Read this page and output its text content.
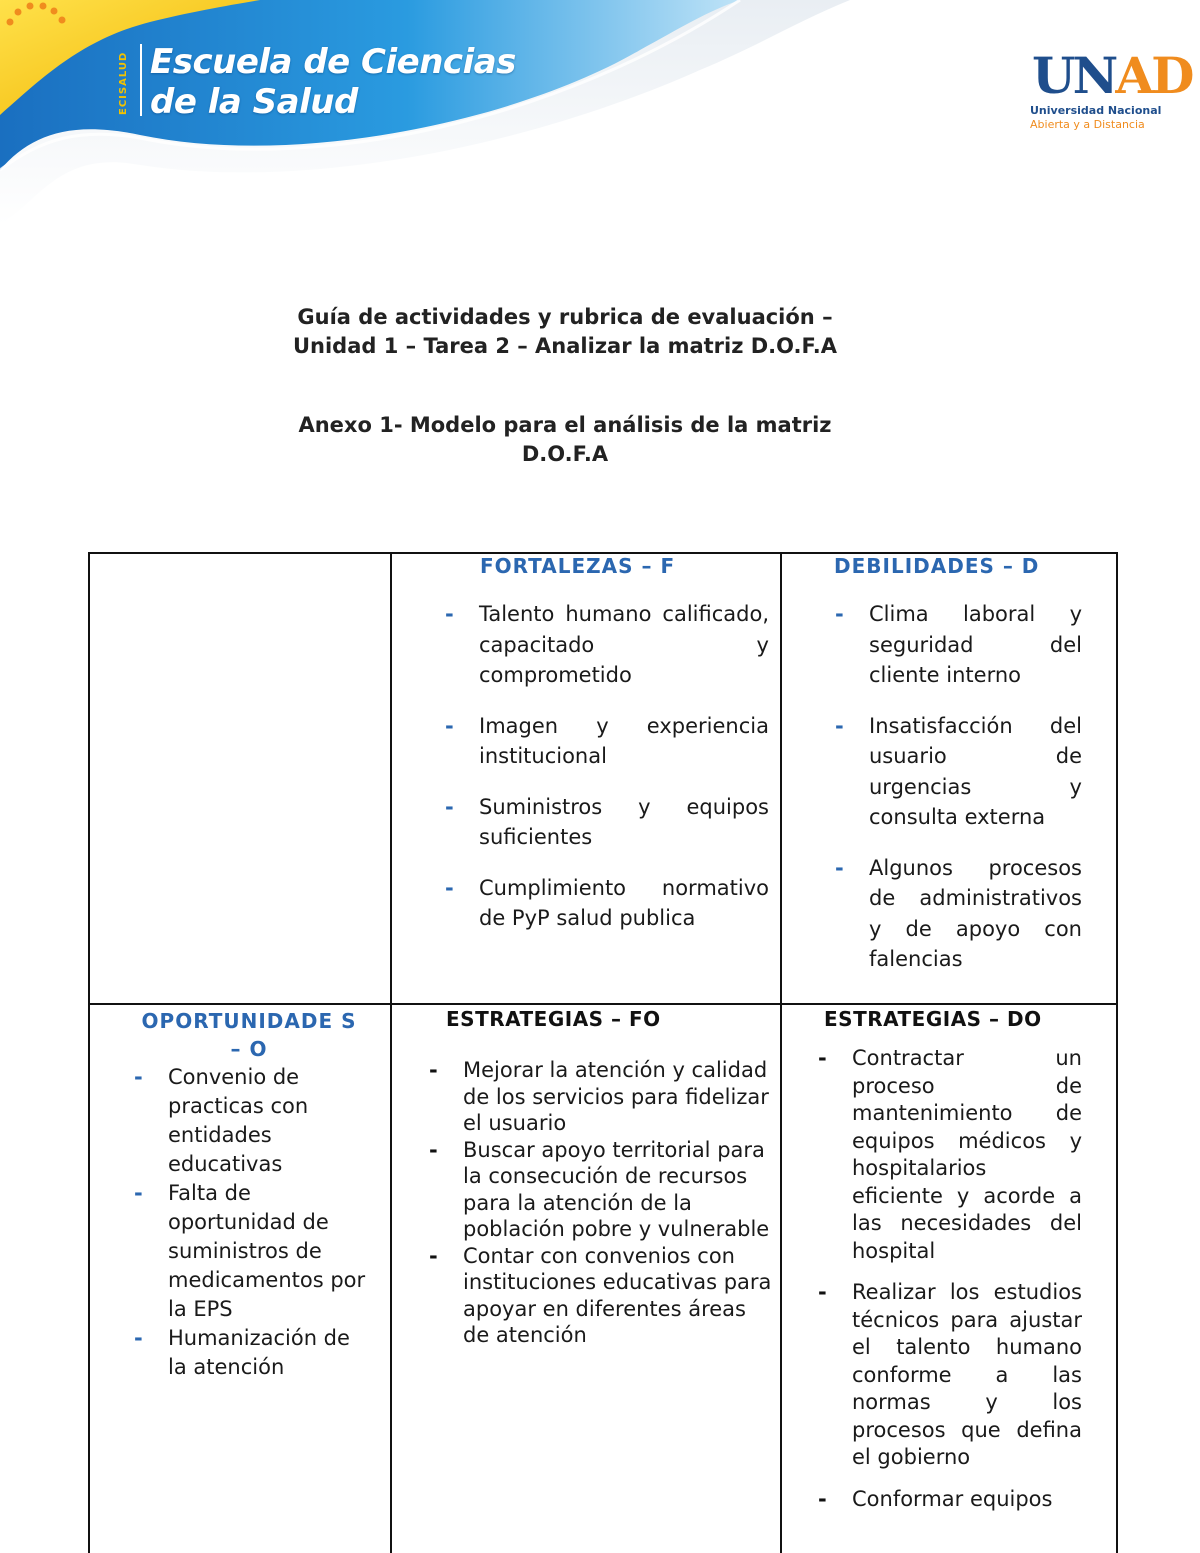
ECISALUD Escuela de Ciencias
de la Salud	UNAD
Universidad Nacional
Abierta y a Distancia
Guía de actividades y rubrica de evaluación – Unidad 1 – Tarea 2 – Analizar la matriz D.O.F.A
Anexo 1- Modelo para el análisis de la matriz D.O.F.A
FORTALEZAS – F
- Talento humano calificado, capacitado y comprometido
- Imagen y experiencia institucional
- Suministros y equipos suficientes
- Cumplimiento normativo de PyP salud publica
DEBILIDADES – D
- Clima laboral y seguridad del cliente interno
- Insatisfacción del usuario de urgencias y consulta externa
- Algunos procesos de administrativos y de apoyo con falencias
OPORTUNIDADE S – O
- Convenio de practicas con entidades educativas
- Falta de oportunidad de suministros de medicamentos por la EPS
- Humanización de la atención
ESTRATEGIAS – FO
- Mejorar la atención y calidad de los servicios para fidelizar el usuario
- Buscar apoyo territorial para la consecución de recursos para la atención de la población pobre y vulnerable
- Contar con convenios con instituciones educativas para apoyar en diferentes áreas de atención
ESTRATEGIAS – DO
- Contractar un proceso de mantenimiento de equipos médicos y hospitalarios eficiente y acorde a las necesidades del hospital
- Realizar los estudios técnicos para ajustar el talento humano conforme a las normas y los procesos que defina el gobierno
- Conformar equipos
